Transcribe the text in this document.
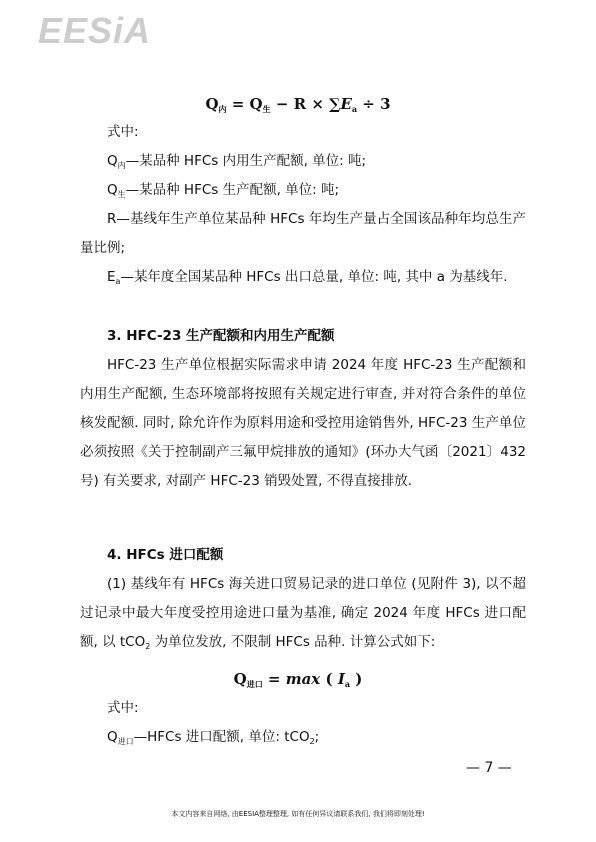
EESiA
$Q_内 = Q_生 - R \times \sum E_a \div 3$
式中:
$Q_内—$某品种 HFCs 内用生产配额, 单位: 吨;
$Q_生—$某品种 HFCs 生产配额, 单位: 吨;
R—基线年生产单位某品种 HFCs 年均生产量占全国该品种年均总生产量比例;
$E_a—$某年度全国某品种 HFCs 出口总量, 单位: 吨, 其中 a 为基线年.
3. HFC-23 生产配额和内用生产配额
HFC-23 生产单位根据实际需求申请 2024 年度 HFC-23 生产配额和内用生产配额, 生态环境部将按照有关规定进行审查, 并对符合条件的单位核发配额. 同时, 除允许作为原料用途和受控用途销售外, HFC-23 生产单位必须按照《关于控制副产三氟甲烷排放的通知》(环办大气函〔2021〕432 号) 有关要求, 对副产 HFC-23 销毁处置, 不得直接排放.
4. HFCs 进口配额
(1) 基线年有 HFCs 海关进口贸易记录的进口单位 (见附件 3), 以不超过记录中最大年度受控用途进口量为基准, 确定 2024 年度 HFCs 进口配额, 以 tCO$_2$ 为单位发放, 不限制 HFCs 品种. 计算公式如下:
$Q_{进口} = \max$ ( $I_a$ )
式中:
$Q_{进口}—HFCs$ 进口配额, 单位: tCO$_2$;
— 7 —
本文内容来自网络, 由EESIA整理整理, 如有任何异议请联系我们, 我们将即刻处理!
